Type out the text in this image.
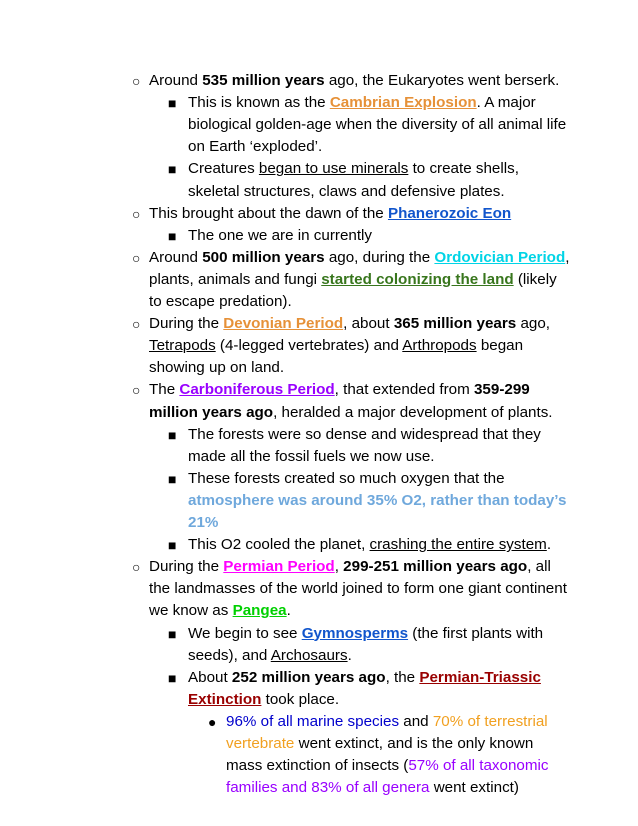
○ Around 535 million years ago, the Eukaryotes went berserk.
■ This is known as the Cambrian Explosion. A major
biological golden-age when the diversity of all animal life
on Earth ‘exploded’.
■ Creatures began to use minerals to create shells,
skeletal structures, claws and defensive plates.
○ This brought about the dawn of the Phanerozoic Eon
■ The one we are in currently
○ Around 500 million years ago, during the Ordovician Period,
plants, animals and fungi started colonizing the land (likely
to escape predation).
○ During the Devonian Period, about 365 million years ago,
Tetrapods (4-legged vertebrates) and Arthropods began
showing up on land.
○ The Carboniferous Period, that extended from 359-299
million years ago, heralded a major development of plants.
■ The forests were so dense and widespread that they
made all the fossil fuels we now use.
■ These forests created so much oxygen that the
atmosphere was around 35% O2, rather than today’s
21%
■ This O2 cooled the planet, crashing the entire system.
○ During the Permian Period, 299-251 million years ago, all
the landmasses of the world joined to form one giant continent
we know as Pangea.
■ We begin to see Gymnosperms (the first plants with
seeds), and Archosaurs.
■ About 252 million years ago, the Permian-Triassic
Extinction took place.
● 96% of all marine species and 70% of terrestrial
vertebrate went extinct, and is the only known
mass extinction of insects (57% of all taxonomic
families and 83% of all genera went extinct)
